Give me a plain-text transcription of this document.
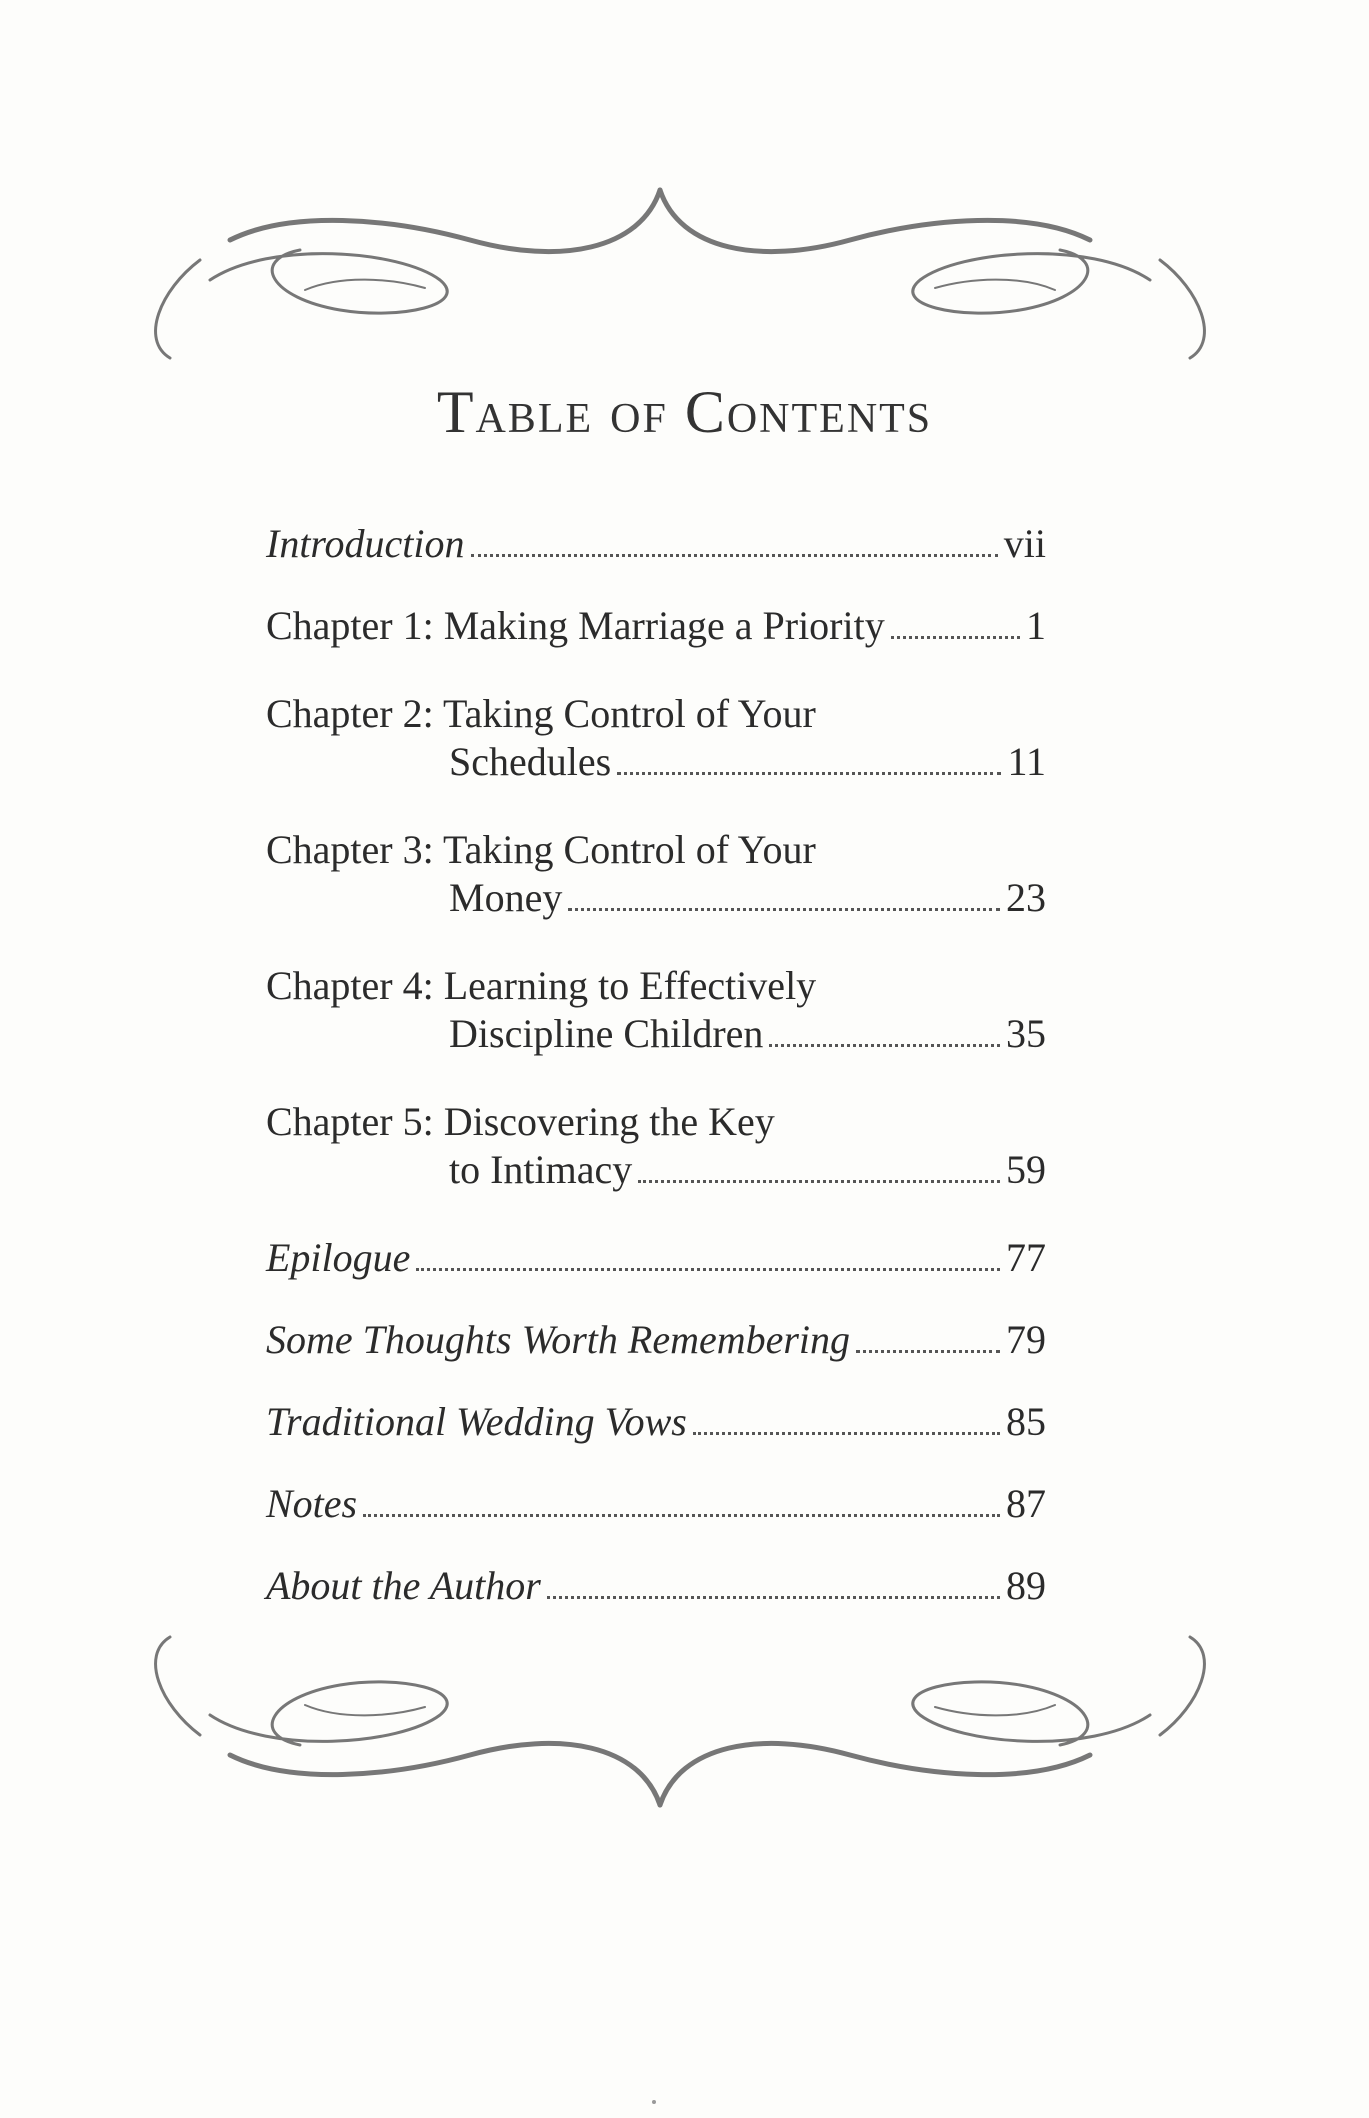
Table of Contents
Introduction	vii
Chapter 1: Making Marriage a Priority	1
Chapter 2: Taking Control of Your
Schedules	11
Chapter 3: Taking Control of Your
Money	23
Chapter 4: Learning to Effectively
Discipline Children	35
Chapter 5: Discovering the Key
to Intimacy	59
Epilogue	77
Some Thoughts Worth Remembering	79
Traditional Wedding Vows	85
Notes	87
About the Author	89
